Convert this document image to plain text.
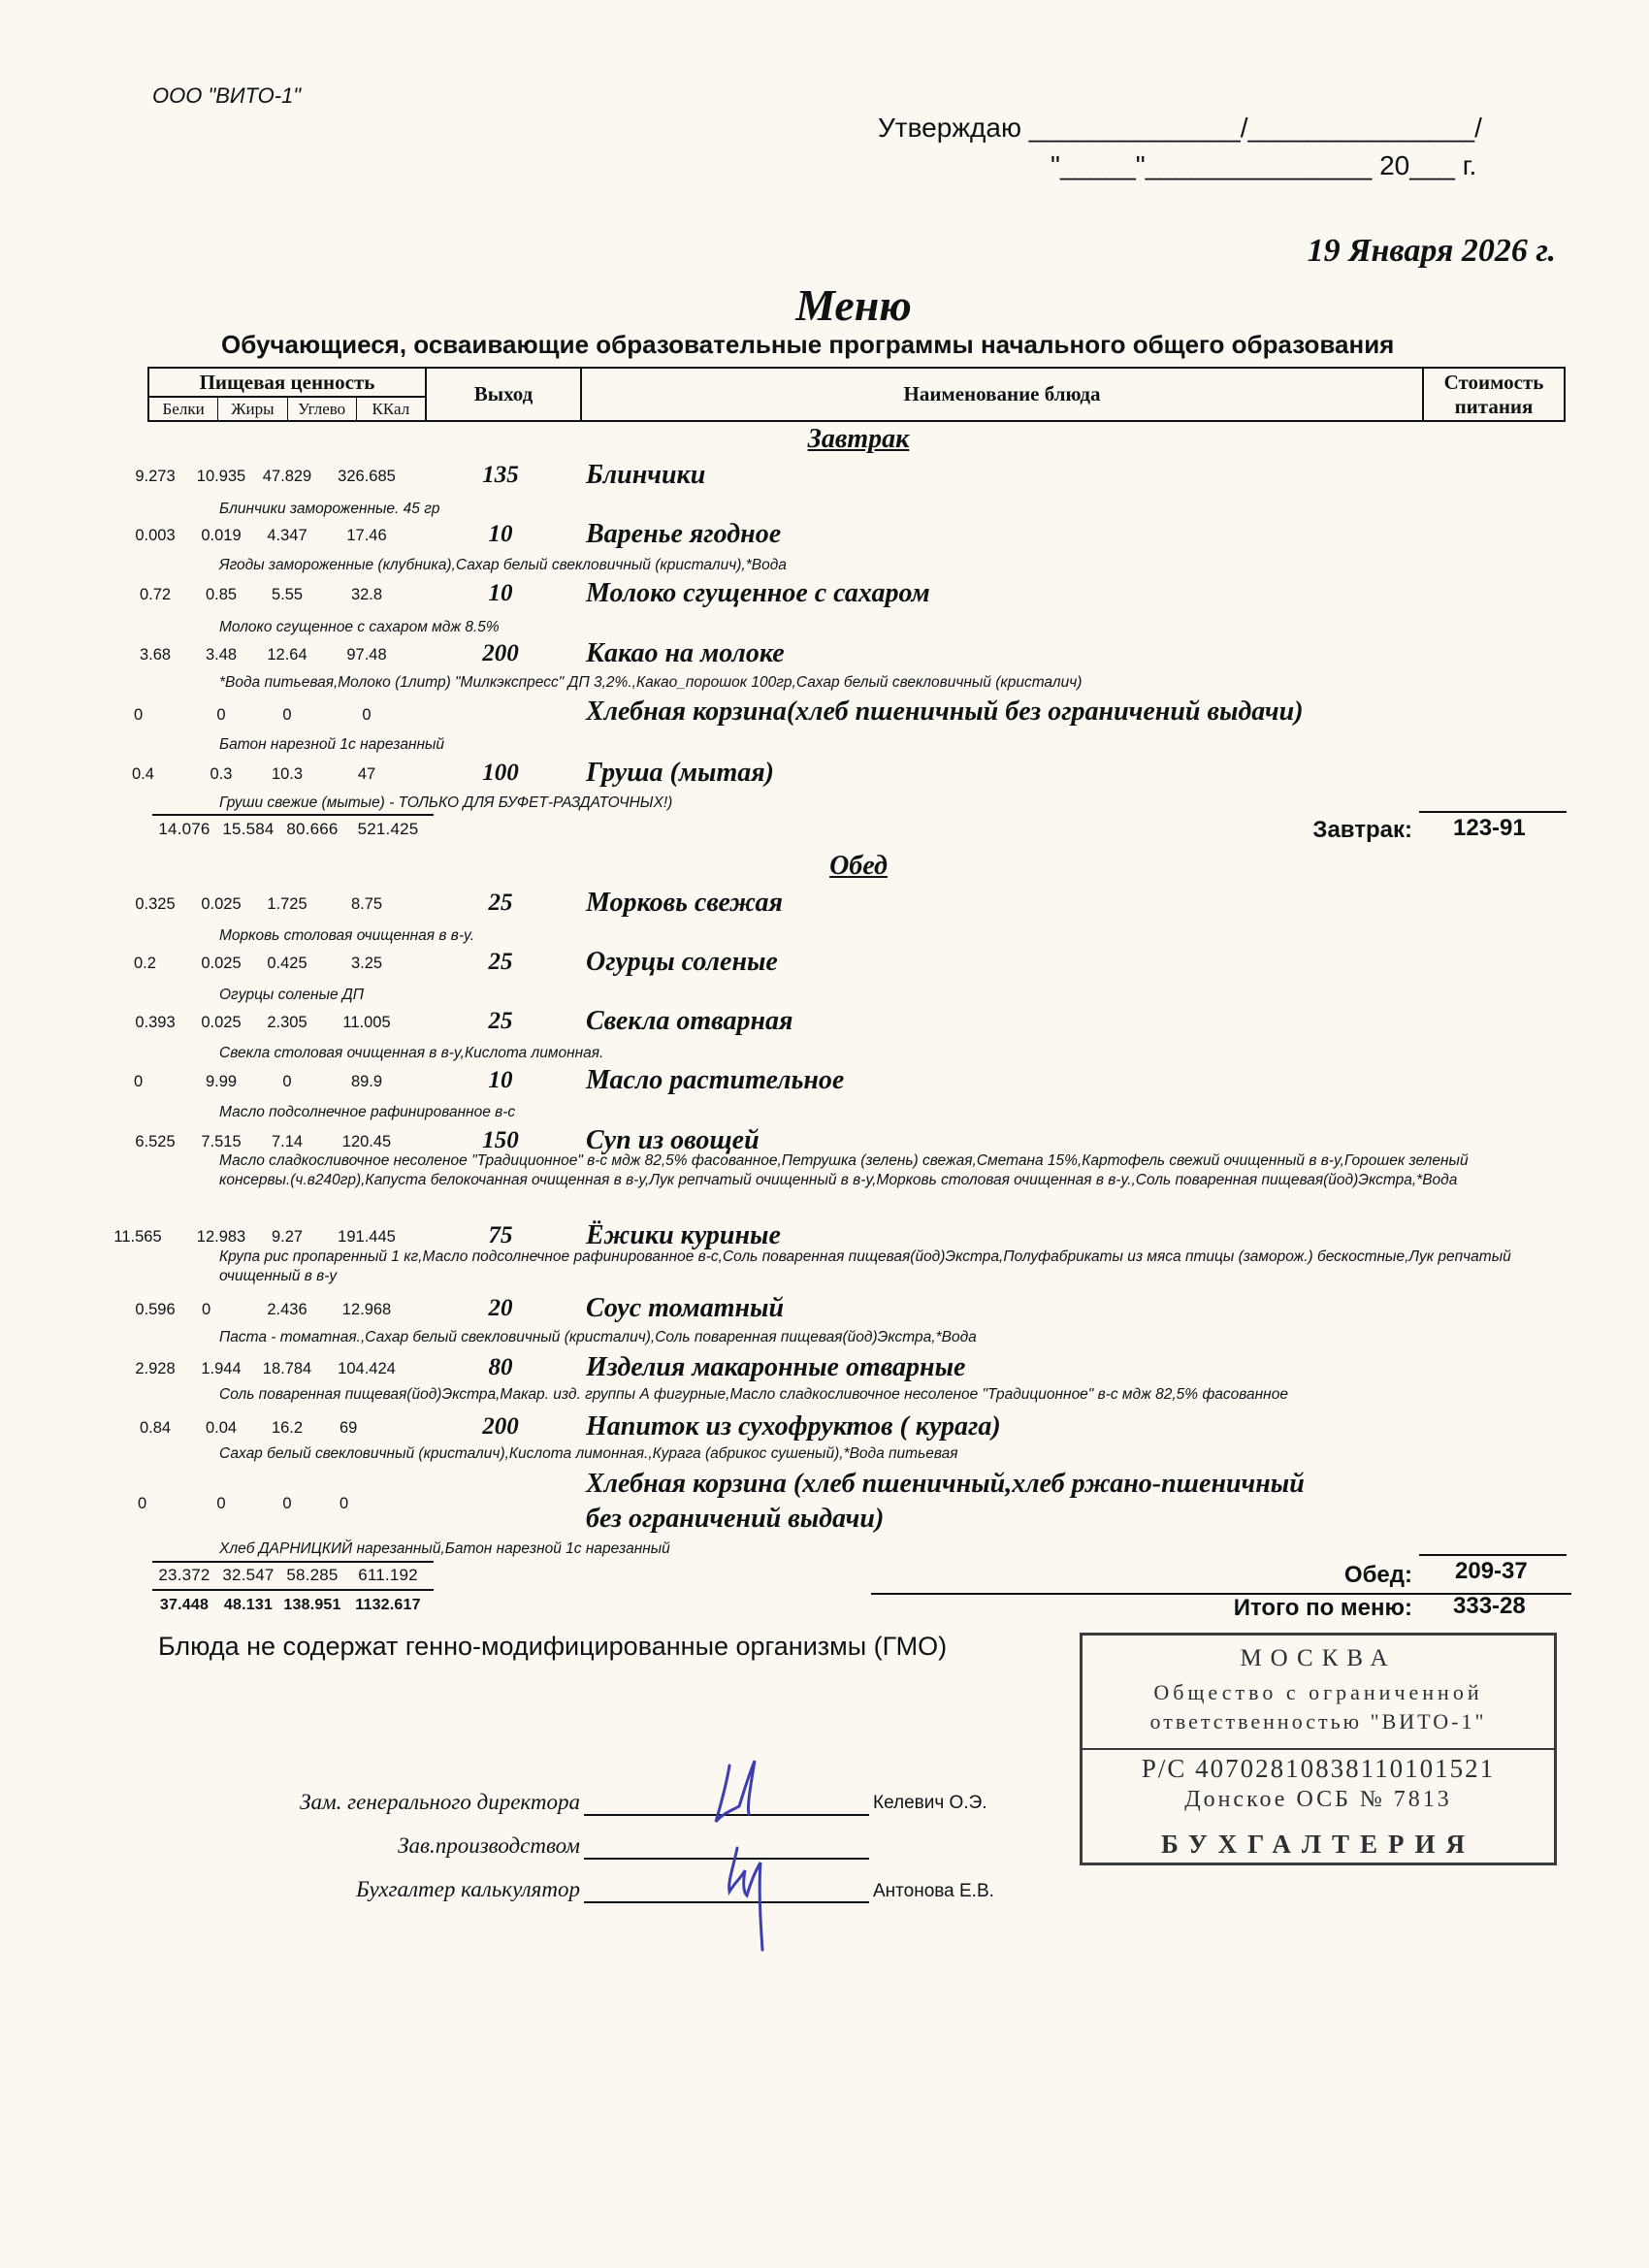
ООО "ВИТО-1"
Утверждаю ______________/_______________/
"_____"_______________ 20___ г.
19 Января 2026 г.
Меню
Обучающиеся, осваивающие образовательные программы начального общего образования
Пищевая ценность
Белки	Жиры	Углево	ККал
Выход	Наименование блюда
Стоимость
питания
Завтрак
9.273	10.935	47.829	326.685	135	Блинчики
Блинчики замороженные. 45 гр
0.003	0.019	4.347	17.46	10	Варенье ягодное
Ягоды замороженные (клубника),Сахар белый свекловичный (кристалич),*Вода
0.72	0.85	5.55	32.8	10	Молоко сгущенное с сахаром
Молоко сгущенное с сахаром мдж 8.5%
3.68	3.48	12.64	97.48	200	Какао на молоке
*Вода питьевая,Молоко (1литр) "Милкэкспресс" ДП 3,2%.,Какао_порошок 100гр,Сахар белый свекловичный (кристалич)
0	0	0	0	Хлебная корзина(хлеб пшеничный без ограничений выдачи)
Батон нарезной 1с нарезанный
0.4	0.3	10.3	47	100	Груша (мытая)
Груши свежие (мытые) - ТОЛЬКО ДЛЯ БУФЕТ-РАЗДАТОЧНЫХ!)
14.076 15.584 80.666 521.425	Завтрак: 123-91
Обед
0.325	0.025	1.725	8.75	25	Морковь свежая
Морковь столовая очищенная в в-у.
0.2	0.025	0.425	3.25	25	Огурцы соленые
Огурцы соленые ДП
0.393	0.025	2.305	11.005	25	Свекла отварная
Свекла столовая очищенная в в-у,Кислота лимонная.
0	9.99	0	89.9	10	Масло растительное
Масло подсолнечное рафинированное в-с
6.525	7.515	7.14	120.45	150	Суп из овощей
Масло сладкосливочное несоленое "Традиционное" в-с мдж 82,5% фасованное,Петрушка (зелень) свежая,Сметана 15%,Картофель свежий очищенный в в-у,Горошек зеленый консервы.(ч.в240гр),Капуста белокочанная очищенная в в-у,Лук репчатый очищенный в в-у,Морковь столовая очищенная в в-у.,Соль поваренная пищевая(йод)Экстра,*Вода
11.565	12.983	9.27	191.445	75	Ёжики куриные
Крупа рис пропаренный 1 кг,Масло подсолнечное рафинированное в-с,Соль поваренная пищевая(йод)Экстра,Полуфабрикаты из мяса птицы (заморож.) бескостные,Лук репчатый очищенный в в-у
0.596	0	2.436	12.968	20	Соус томатный
Паста - томатная.,Сахар белый свекловичный (кристалич),Соль поваренная пищевая(йод)Экстра,*Вода
2.928	1.944	18.784	104.424	80	Изделия макаронные отварные
Соль поваренная пищевая(йод)Экстра,Макар. изд. группы А фигурные,Масло сладкосливочное несоленое "Традиционное" в-с мдж 82,5% фасованное
0.84	0.04	16.2	69	200	Напиток из сухофруктов ( курага)
Сахар белый свекловичный (кристалич),Кислота лимонная.,Курага (абрикос сушеный),*Вода питьевая
0	0	0	0
Хлебная корзина (хлеб пшеничный,хлеб ржано-пшеничный
без ограничений выдачи)
Хлеб ДАРНИЦКИЙ нарезанный,Батон нарезной 1с нарезанный
23.372 32.547 58.285 611.192	Обед: 209-37
37.448 48.131 138.951 1132.617	Итого по меню: 333-28
Блюда не содержат генно-модифицированные организмы (ГМО)
Зам. генерального директора	Келевич О.Э.
Зав.производством
Бухгалтер калькулятор	Антонова Е.В.
МОСКВА
Общество с ограниченной
ответственностью "ВИТО-1"
Р/С 40702810838110101521
Донское ОСБ № 7813
БУХГАЛТЕРИЯ
